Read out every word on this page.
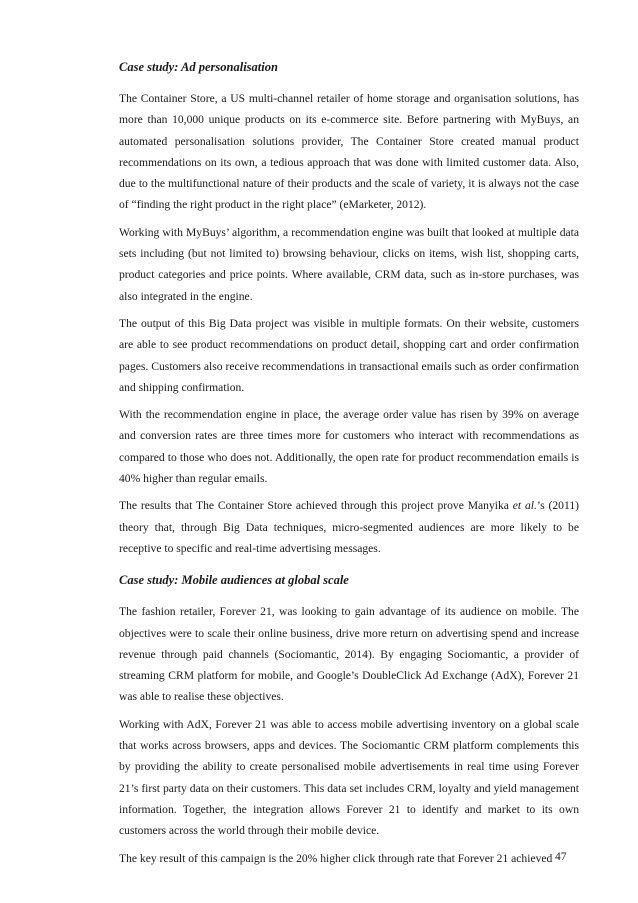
Case study: Ad personalisation

The Container Store, a US multi-channel retailer of home storage and organisation solutions, has more than 10,000 unique products on its e-commerce site. Before partnering with MyBuys, an automated personalisation solutions provider, The Container Store created manual product recommendations on its own, a tedious approach that was done with limited customer data. Also, due to the multifunctional nature of their products and the scale of variety, it is always not the case of “finding the right product in the right place” (eMarketer, 2012).

Working with MyBuys’ algorithm, a recommendation engine was built that looked at multiple data sets including (but not limited to) browsing behaviour, clicks on items, wish list, shopping carts, product categories and price points. Where available, CRM data, such as in-store purchases, was also integrated in the engine.

The output of this Big Data project was visible in multiple formats. On their website, customers are able to see product recommendations on product detail, shopping cart and order confirmation pages. Customers also receive recommendations in transactional emails such as order confirmation and shipping confirmation.

With the recommendation engine in place, the average order value has risen by 39% on average and conversion rates are three times more for customers who interact with recommendations as compared to those who does not. Additionally, the open rate for product recommendation emails is 40% higher than regular emails.

The results that The Container Store achieved through this project prove Manyika et al.’s (2011) theory that, through Big Data techniques, micro-segmented audiences are more likely to be receptive to specific and real-time advertising messages.

Case study: Mobile audiences at global scale

The fashion retailer, Forever 21, was looking to gain advantage of its audience on mobile. The objectives were to scale their online business, drive more return on advertising spend and increase revenue through paid channels (Sociomantic, 2014). By engaging Sociomantic, a provider of streaming CRM platform for mobile, and Google’s DoubleClick Ad Exchange (AdX), Forever 21 was able to realise these objectives.

Working with AdX, Forever 21 was able to access mobile advertising inventory on a global scale that works across browsers, apps and devices. The Sociomantic CRM platform complements this by providing the ability to create personalised mobile advertisements in real time using Forever 21’s first party data on their customers. This data set includes CRM, loyalty and yield management information. Together, the integration allows Forever 21 to identify and market to its own customers across the world through their mobile device.

The key result of this campaign is the 20% higher click through rate that Forever 21 achieved 47
